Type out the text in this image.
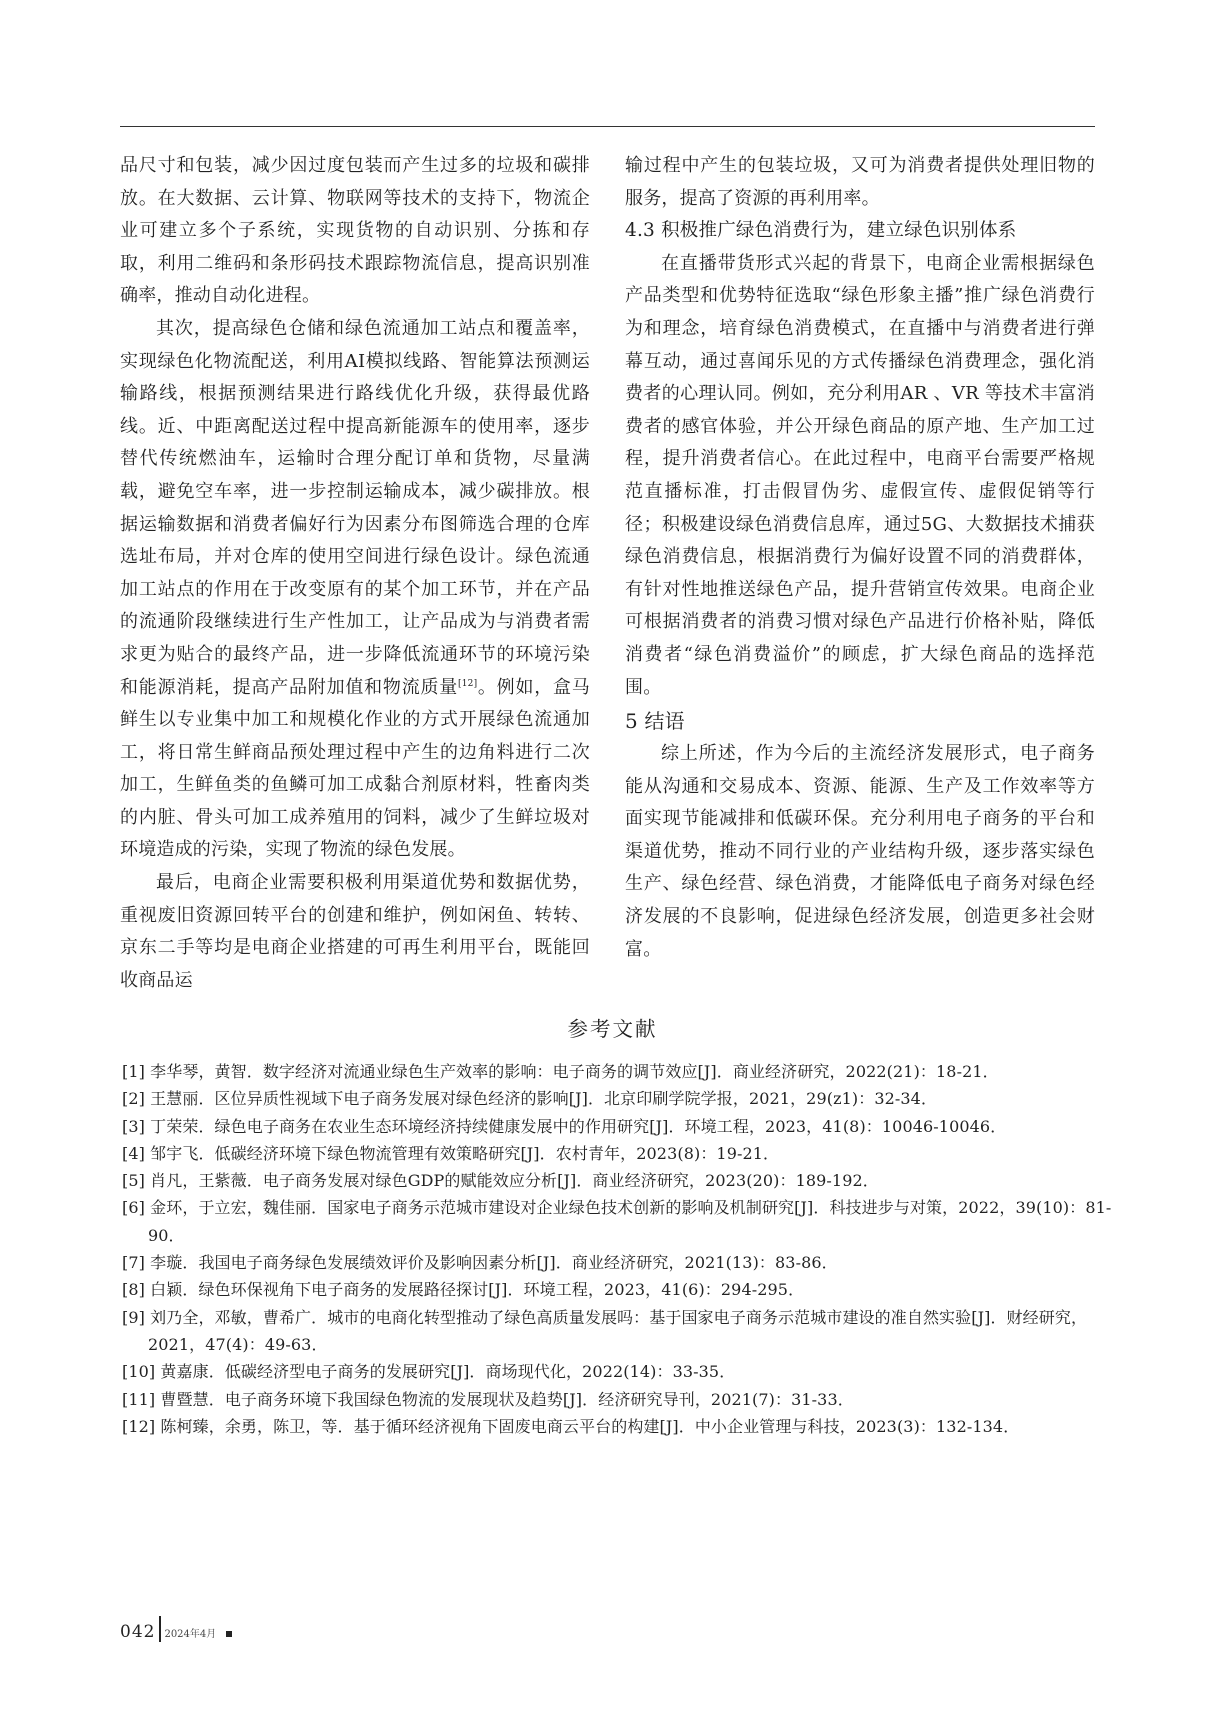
品尺寸和包装，减少因过度包装而产生过多的垃圾和碳排放。在大数据、云计算、物联网等技术的支持下，物流企业可建立多个子系统，实现货物的自动识别、分拣和存取，利用二维码和条形码技术跟踪物流信息，提高识别准确率，推动自动化进程。

其次，提高绿色仓储和绿色流通加工站点和覆盖率，实现绿色化物流配送，利用AI模拟线路、智能算法预测运输路线，根据预测结果进行路线优化升级，获得最优路线。近、中距离配送过程中提高新能源车的使用率，逐步替代传统燃油车，运输时合理分配订单和货物，尽量满载，避免空车率，进一步控制运输成本，减少碳排放。根据运输数据和消费者偏好行为因素分布图筛选合理的仓库选址布局，并对仓库的使用空间进行绿色设计。绿色流通加工站点的作用在于改变原有的某个加工环节，并在产品的流通阶段继续进行生产性加工，让产品成为与消费者需求更为贴合的最终产品，进一步降低流通环节的环境污染和能源消耗，提高产品附加值和物流质量[12]。例如，盒马鲜生以专业集中加工和规模化作业的方式开展绿色流通加工，将日常生鲜商品预处理过程中产生的边角料进行二次加工，生鲜鱼类的鱼鳞可加工成黏合剂原材料，牲畜肉类的内脏、骨头可加工成养殖用的饲料，减少了生鲜垃圾对环境造成的污染，实现了物流的绿色发展。

最后，电商企业需要积极利用渠道优势和数据优势，重视废旧资源回转平台的创建和维护，例如闲鱼、转转、京东二手等均是电商企业搭建的可再生利用平台，既能回收商品运

输过程中产生的包装垃圾，又可为消费者提供处理旧物的服务，提高了资源的再利用率。

4.3 积极推广绿色消费行为，建立绿色识别体系

在直播带货形式兴起的背景下，电商企业需根据绿色产品类型和优势特征选取“绿色形象主播”推广绿色消费行为和理念，培育绿色消费模式，在直播中与消费者进行弹幕互动，通过喜闻乐见的方式传播绿色消费理念，强化消费者的心理认同。例如，充分利用AR 、VR 等技术丰富消费者的感官体验，并公开绿色商品的原产地、生产加工过程，提升消费者信心。在此过程中，电商平台需要严格规范直播标准，打击假冒伪劣、虚假宣传、虚假促销等行径；积极建设绿色消费信息库，通过5G、大数据技术捕获绿色消费信息，根据消费行为偏好设置不同的消费群体，有针对性地推送绿色产品，提升营销宣传效果。电商企业可根据消费者的消费习惯对绿色产品进行价格补贴，降低消费者“绿色消费溢价”的顾虑，扩大绿色商品的选择范围。

5 结语

综上所述，作为今后的主流经济发展形式，电子商务能从沟通和交易成本、资源、能源、生产及工作效率等方面实现节能减排和低碳环保。充分利用电子商务的平台和渠道优势，推动不同行业的产业结构升级，逐步落实绿色生产、绿色经营、绿色消费，才能降低电子商务对绿色经济发展的不良影响，促进绿色经济发展，创造更多社会财富。

参考文献
[1] 李华琴，黄智．数字经济对流通业绿色生产效率的影响：电子商务的调节效应[J]．商业经济研究，2022(21)：18-21．
[2] 王慧丽．区位异质性视域下电子商务发展对绿色经济的影响[J]．北京印刷学院学报，2021，29(z1)：32-34．
[3] 丁荣荣．绿色电子商务在农业生态环境经济持续健康发展中的作用研究[J]．环境工程，2023，41(8)：10046-10046．
[4] 邹宇飞．低碳经济环境下绿色物流管理有效策略研究[J]．农村青年，2023(8)：19-21．
[5] 肖凡，王紫薇．电子商务发展对绿色GDP的赋能效应分析[J]．商业经济研究，2023(20)：189-192．
[6] 金环，于立宏，魏佳丽．国家电子商务示范城市建设对企业绿色技术创新的影响及机制研究[J]．科技进步与对策，2022，39(10)：81-90．
[7] 李璇．我国电子商务绿色发展绩效评价及影响因素分析[J]．商业经济研究，2021(13)：83-86．
[8] 白颖．绿色环保视角下电子商务的发展路径探讨[J]．环境工程，2023，41(6)：294-295．
[9] 刘乃全，邓敏，曹希广．城市的电商化转型推动了绿色高质量发展吗：基于国家电子商务示范城市建设的准自然实验[J]．财经研究，2021，47(4)：49-63．
[10] 黄嘉康．低碳经济型电子商务的发展研究[J]．商场现代化，2022(14)：33-35．
[11] 曹暨慧．电子商务环境下我国绿色物流的发展现状及趋势[J]．经济研究导刊，2021(7)：31-33．
[12] 陈柯臻，余勇，陈卫，等．基于循环经济视角下固废电商云平台的构建[J]．中小企业管理与科技，2023(3)：132-134．
042 2024年4月
